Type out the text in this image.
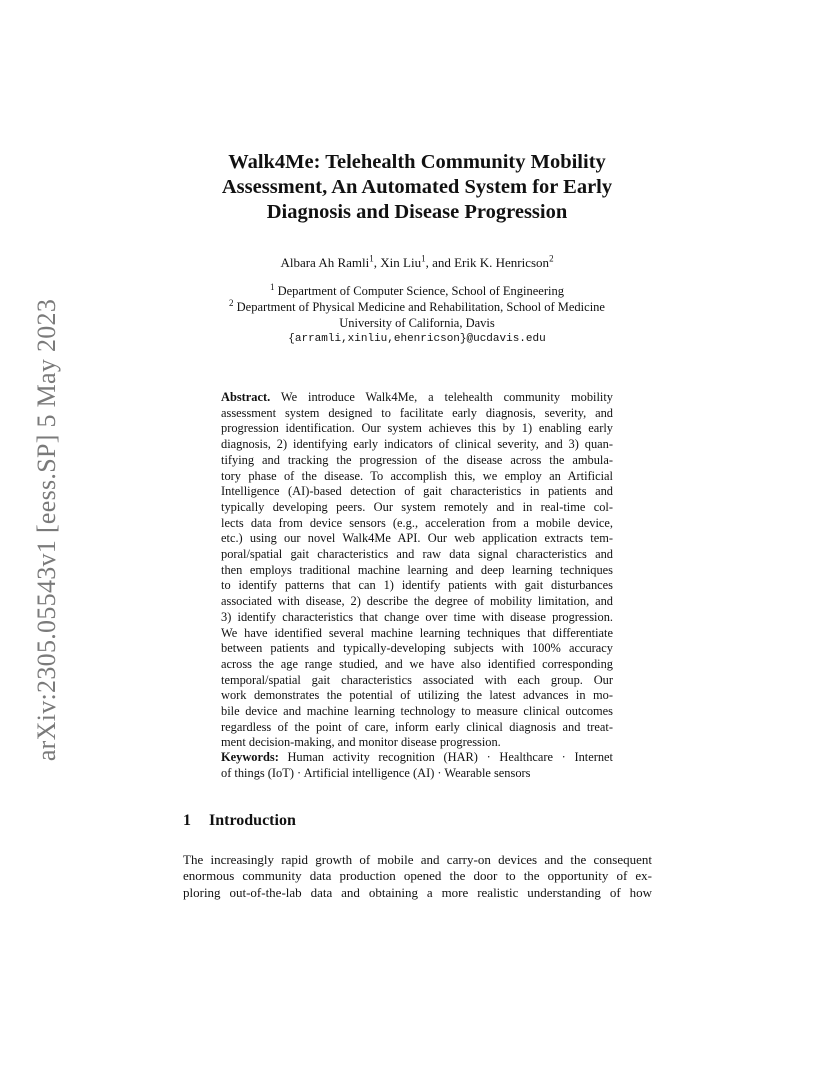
arXiv:2305.05543v1 [eess.SP] 5 May 2023
Walk4Me: Telehealth Community Mobility
Assessment, An Automated System for Early
Diagnosis and Disease Progression
Albara Ah Ramli$^1$, Xin Liu$^1$, and Erik K. Henricson$^2$
$^1$ Department of Computer Science, School of Engineering
$^2$ Department of Physical Medicine and Rehabilitation, School of Medicine
University of California, Davis
{arramli,xinliu,ehenricson}@ucdavis.edu
Abstract. We introduce Walk4Me, a telehealth community mobility
assessment system designed to facilitate early diagnosis, severity, and
progression identification. Our system achieves this by 1) enabling early
diagnosis, 2) identifying early indicators of clinical severity, and 3) quan-
tifying and tracking the progression of the disease across the ambula-
tory phase of the disease. To accomplish this, we employ an Artificial
Intelligence (AI)-based detection of gait characteristics in patients and
typically developing peers. Our system remotely and in real-time col-
lects data from device sensors (e.g., acceleration from a mobile device,
etc.) using our novel Walk4Me API. Our web application extracts tem-
poral/spatial gait characteristics and raw data signal characteristics and
then employs traditional machine learning and deep learning techniques
to identify patterns that can 1) identify patients with gait disturbances
associated with disease, 2) describe the degree of mobility limitation, and
3) identify characteristics that change over time with disease progression.
We have identified several machine learning techniques that differentiate
between patients and typically-developing subjects with 100% accuracy
across the age range studied, and we have also identified corresponding
temporal/spatial gait characteristics associated with each group. Our
work demonstrates the potential of utilizing the latest advances in mo-
bile device and machine learning technology to measure clinical outcomes
regardless of the point of care, inform early clinical diagnosis and treat-
ment decision-making, and monitor disease progression.
Keywords: Human activity recognition (HAR) · Healthcare · Internet
of things (IoT) · Artificial intelligence (AI) · Wearable sensors
1 Introduction
The increasingly rapid growth of mobile and carry-on devices and the consequent
enormous community data production opened the door to the opportunity of ex-
ploring out-of-the-lab data and obtaining a more realistic understanding of how
